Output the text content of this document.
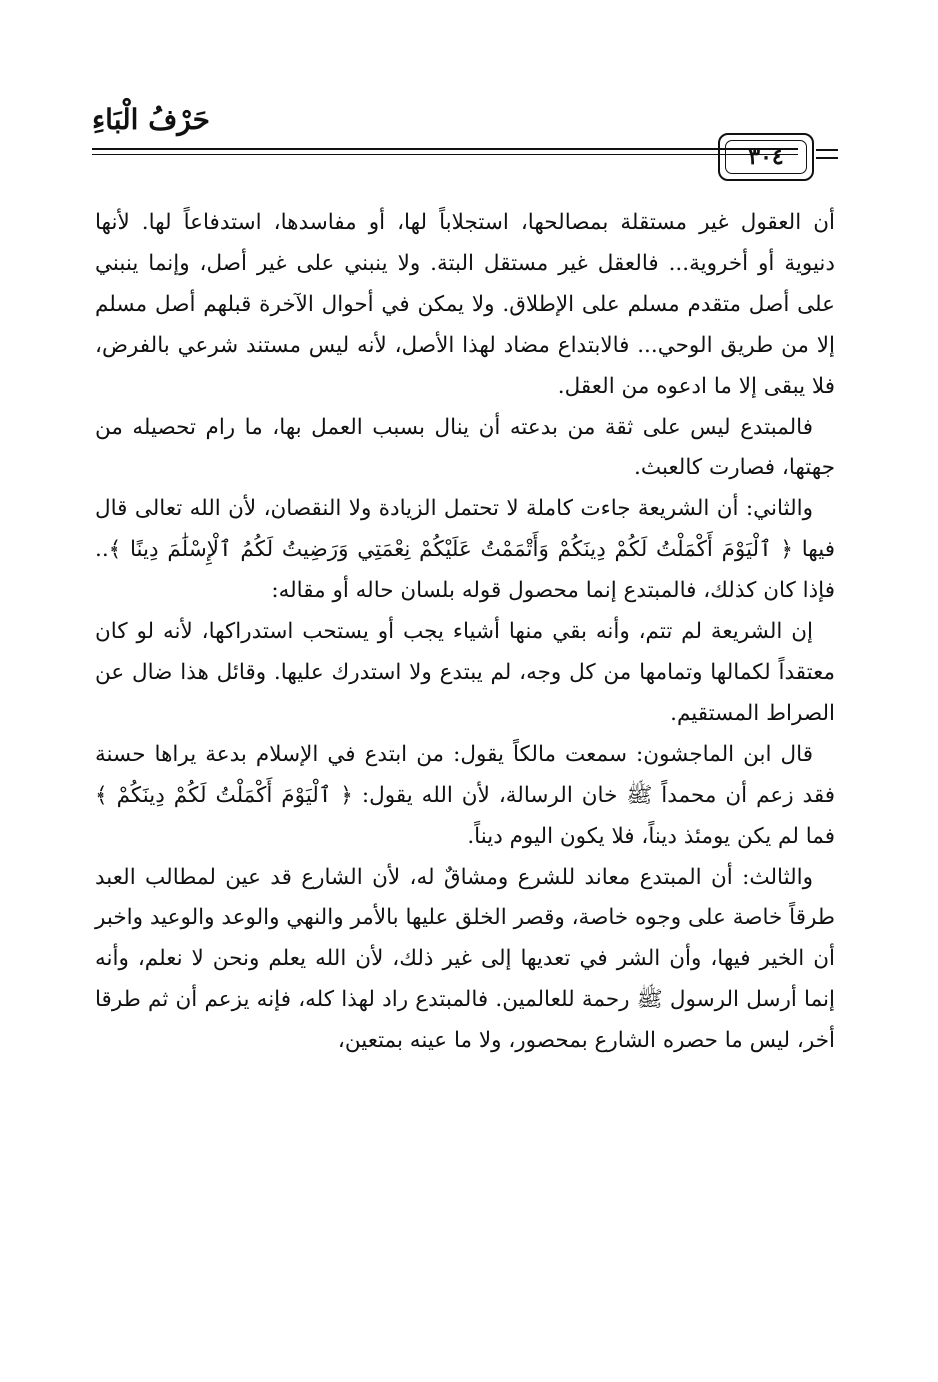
حَرْفُ الْبَاءِ
٣٠٤

أن العقول غير مستقلة بمصالحها، استجلاباً لها، أو مفاسدها، استدفاعاً لها. لأنها دنيوية أو أخروية... فالعقل غير مستقل البتة. ولا ينبني على غير أصل، وإنما ينبني على أصل متقدم مسلم على الإطلاق. ولا يمكن في أحوال الآخرة قبلهم أصل مسلم إلا من طريق الوحي... فالابتداع مضاد لهذا الأصل، لأنه ليس مستند شرعي بالفرض، فلا يبقى إلا ما ادعوه من العقل.

فالمبتدع ليس على ثقة من بدعته أن ينال بسبب العمل بها، ما رام تحصيله من جهتها، فصارت كالعبث.

والثاني: أن الشريعة جاءت كاملة لا تحتمل الزيادة ولا النقصان، لأن الله تعالى قال فيها ﴿ ٱلْيَوْمَ أَكْمَلْتُ لَكُمْ دِينَكُمْ وَأَتْمَمْتُ عَلَيْكُمْ نِعْمَتِي وَرَضِيتُ لَكُمُ ٱلْإِسْلَٰمَ دِينًا ﴾.. فإذا كان كذلك، فالمبتدع إنما محصول قوله بلسان حاله أو مقاله:

إن الشريعة لم تتم، وأنه بقي منها أشياء يجب أو يستحب استدراكها، لأنه لو كان معتقداً لكمالها وتمامها من كل وجه، لم يبتدع ولا استدرك عليها. وقائل هذا ضال عن الصراط المستقيم.

قال ابن الماجشون: سمعت مالكاً يقول: من ابتدع في الإسلام بدعة يراها حسنة فقد زعم أن محمداً ﷺ خان الرسالة، لأن الله يقول: ﴿ ٱلْيَوْمَ أَكْمَلْتُ لَكُمْ دِينَكُمْ ﴾ فما لم يكن يومئذ ديناً، فلا يكون اليوم ديناً.

والثالث: أن المبتدع معاند للشرع ومشاقٌ له، لأن الشارع قد عين لمطالب العبد طرقاً خاصة على وجوه خاصة، وقصر الخلق عليها بالأمر والنهي والوعد والوعيد واخبر أن الخير فيها، وأن الشر في تعديها إلى غير ذلك، لأن الله يعلم ونحن لا نعلم، وأنه إنما أرسل الرسول ﷺ رحمة للعالمين. فالمبتدع راد لهذا كله، فإنه يزعم أن ثم طرقا أخر، ليس ما حصره الشارع بمحصور، ولا ما عينه بمتعين،
